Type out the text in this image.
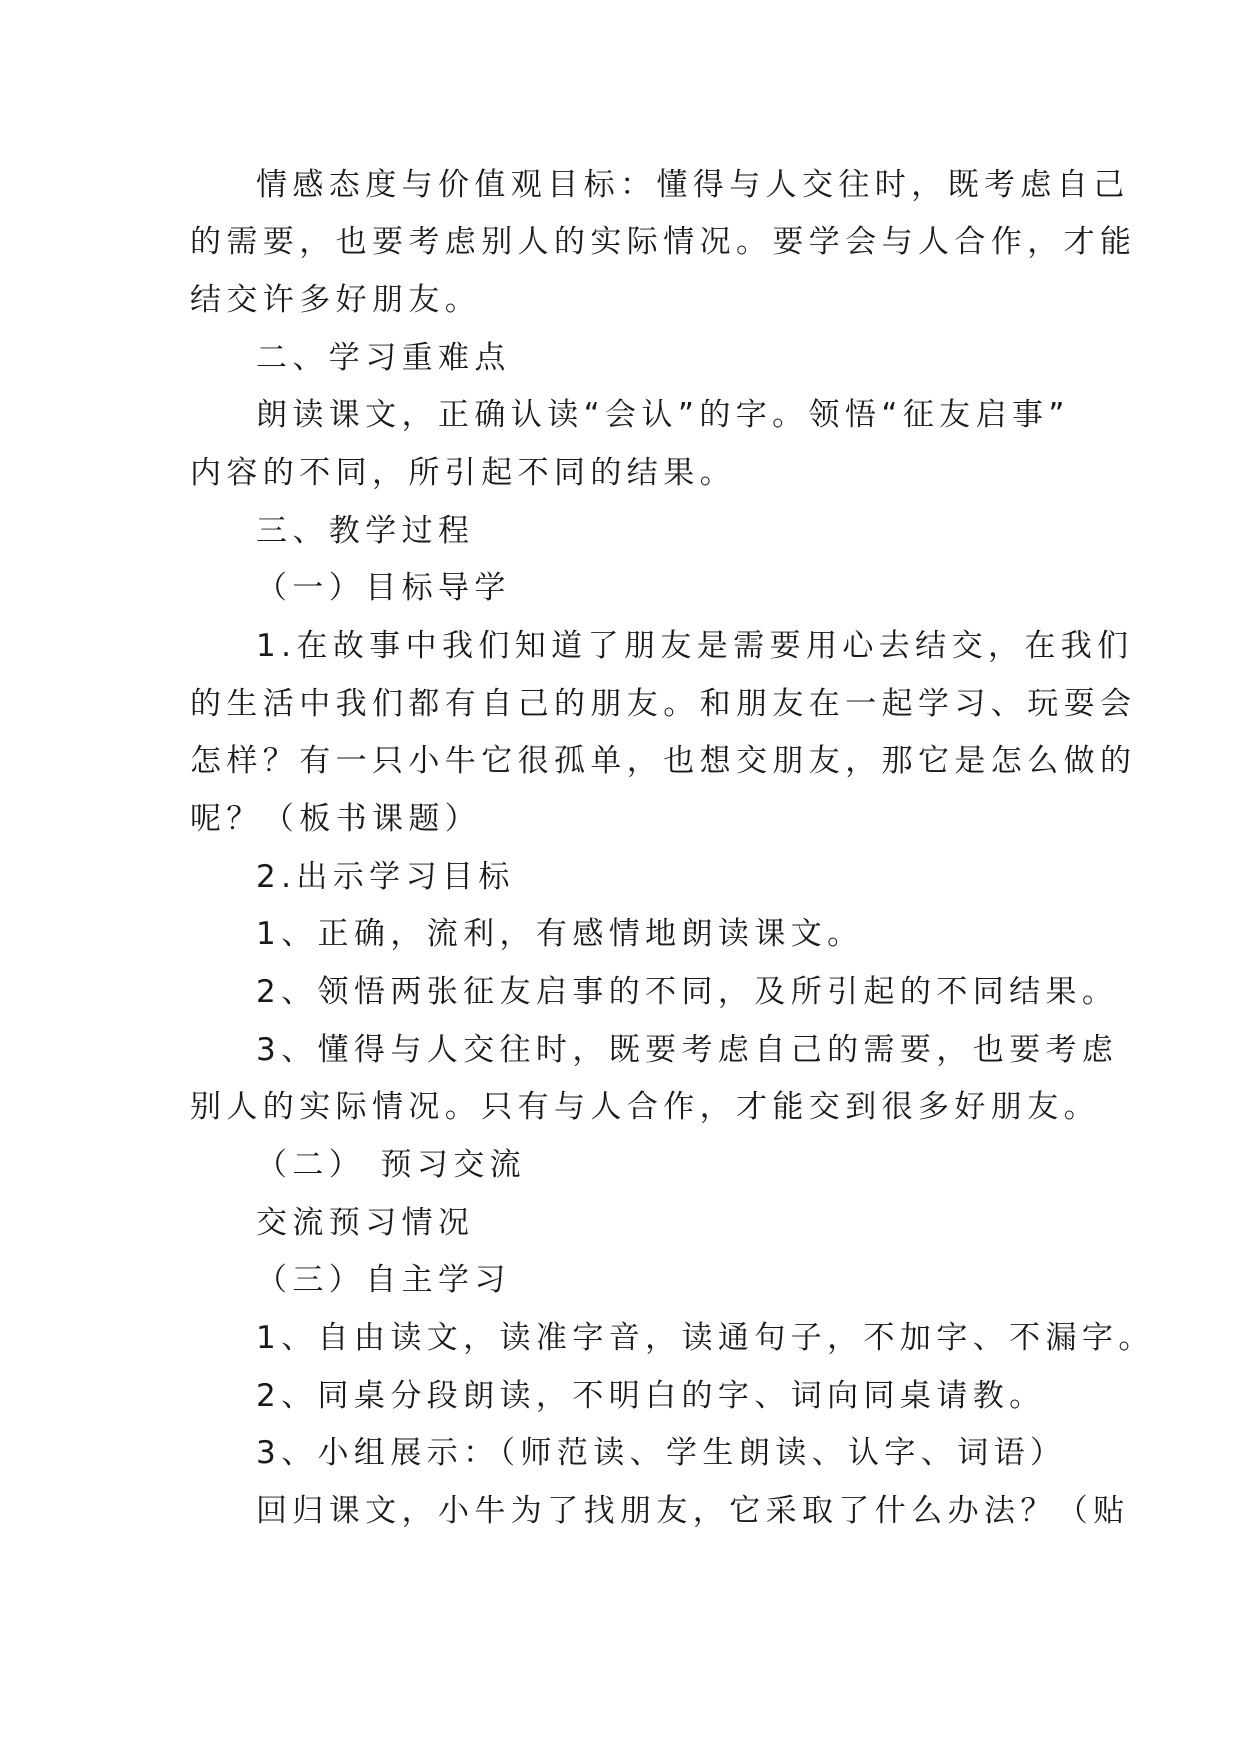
情感态度与价值观目标：懂得与人交往时，既考虑自己

的需要，也要考虑别人的实际情况。要学会与人合作，才能

结交许多好朋友。

二、学习重难点

朗读课文，正确认读“会认”的字。领悟“征友启事”

内容的不同，所引起不同的结果。

三、教学过程

（一）目标导学

1.在故事中我们知道了朋友是需要用心去结交，在我们

的生活中我们都有自己的朋友。和朋友在一起学习、玩耍会

怎样？有一只小牛它很孤单，也想交朋友，那它是怎么做的

呢？（板书课题）

2.出示学习目标

1、正确，流利，有感情地朗读课文。

2、领悟两张征友启事的不同，及所引起的不同结果。

3、懂得与人交往时，既要考虑自己的需要，也要考虑

别人的实际情况。只有与人合作，才能交到很多好朋友。

（二） 预习交流

交流预习情况

（三）自主学习

1、自由读文，读准字音，读通句子，不加字、不漏字。

2、同桌分段朗读，不明白的字、词向同桌请教。

3、小组展示：（师范读、学生朗读、认字、词语）

回归课文，小牛为了找朋友，它采取了什么办法？（贴
